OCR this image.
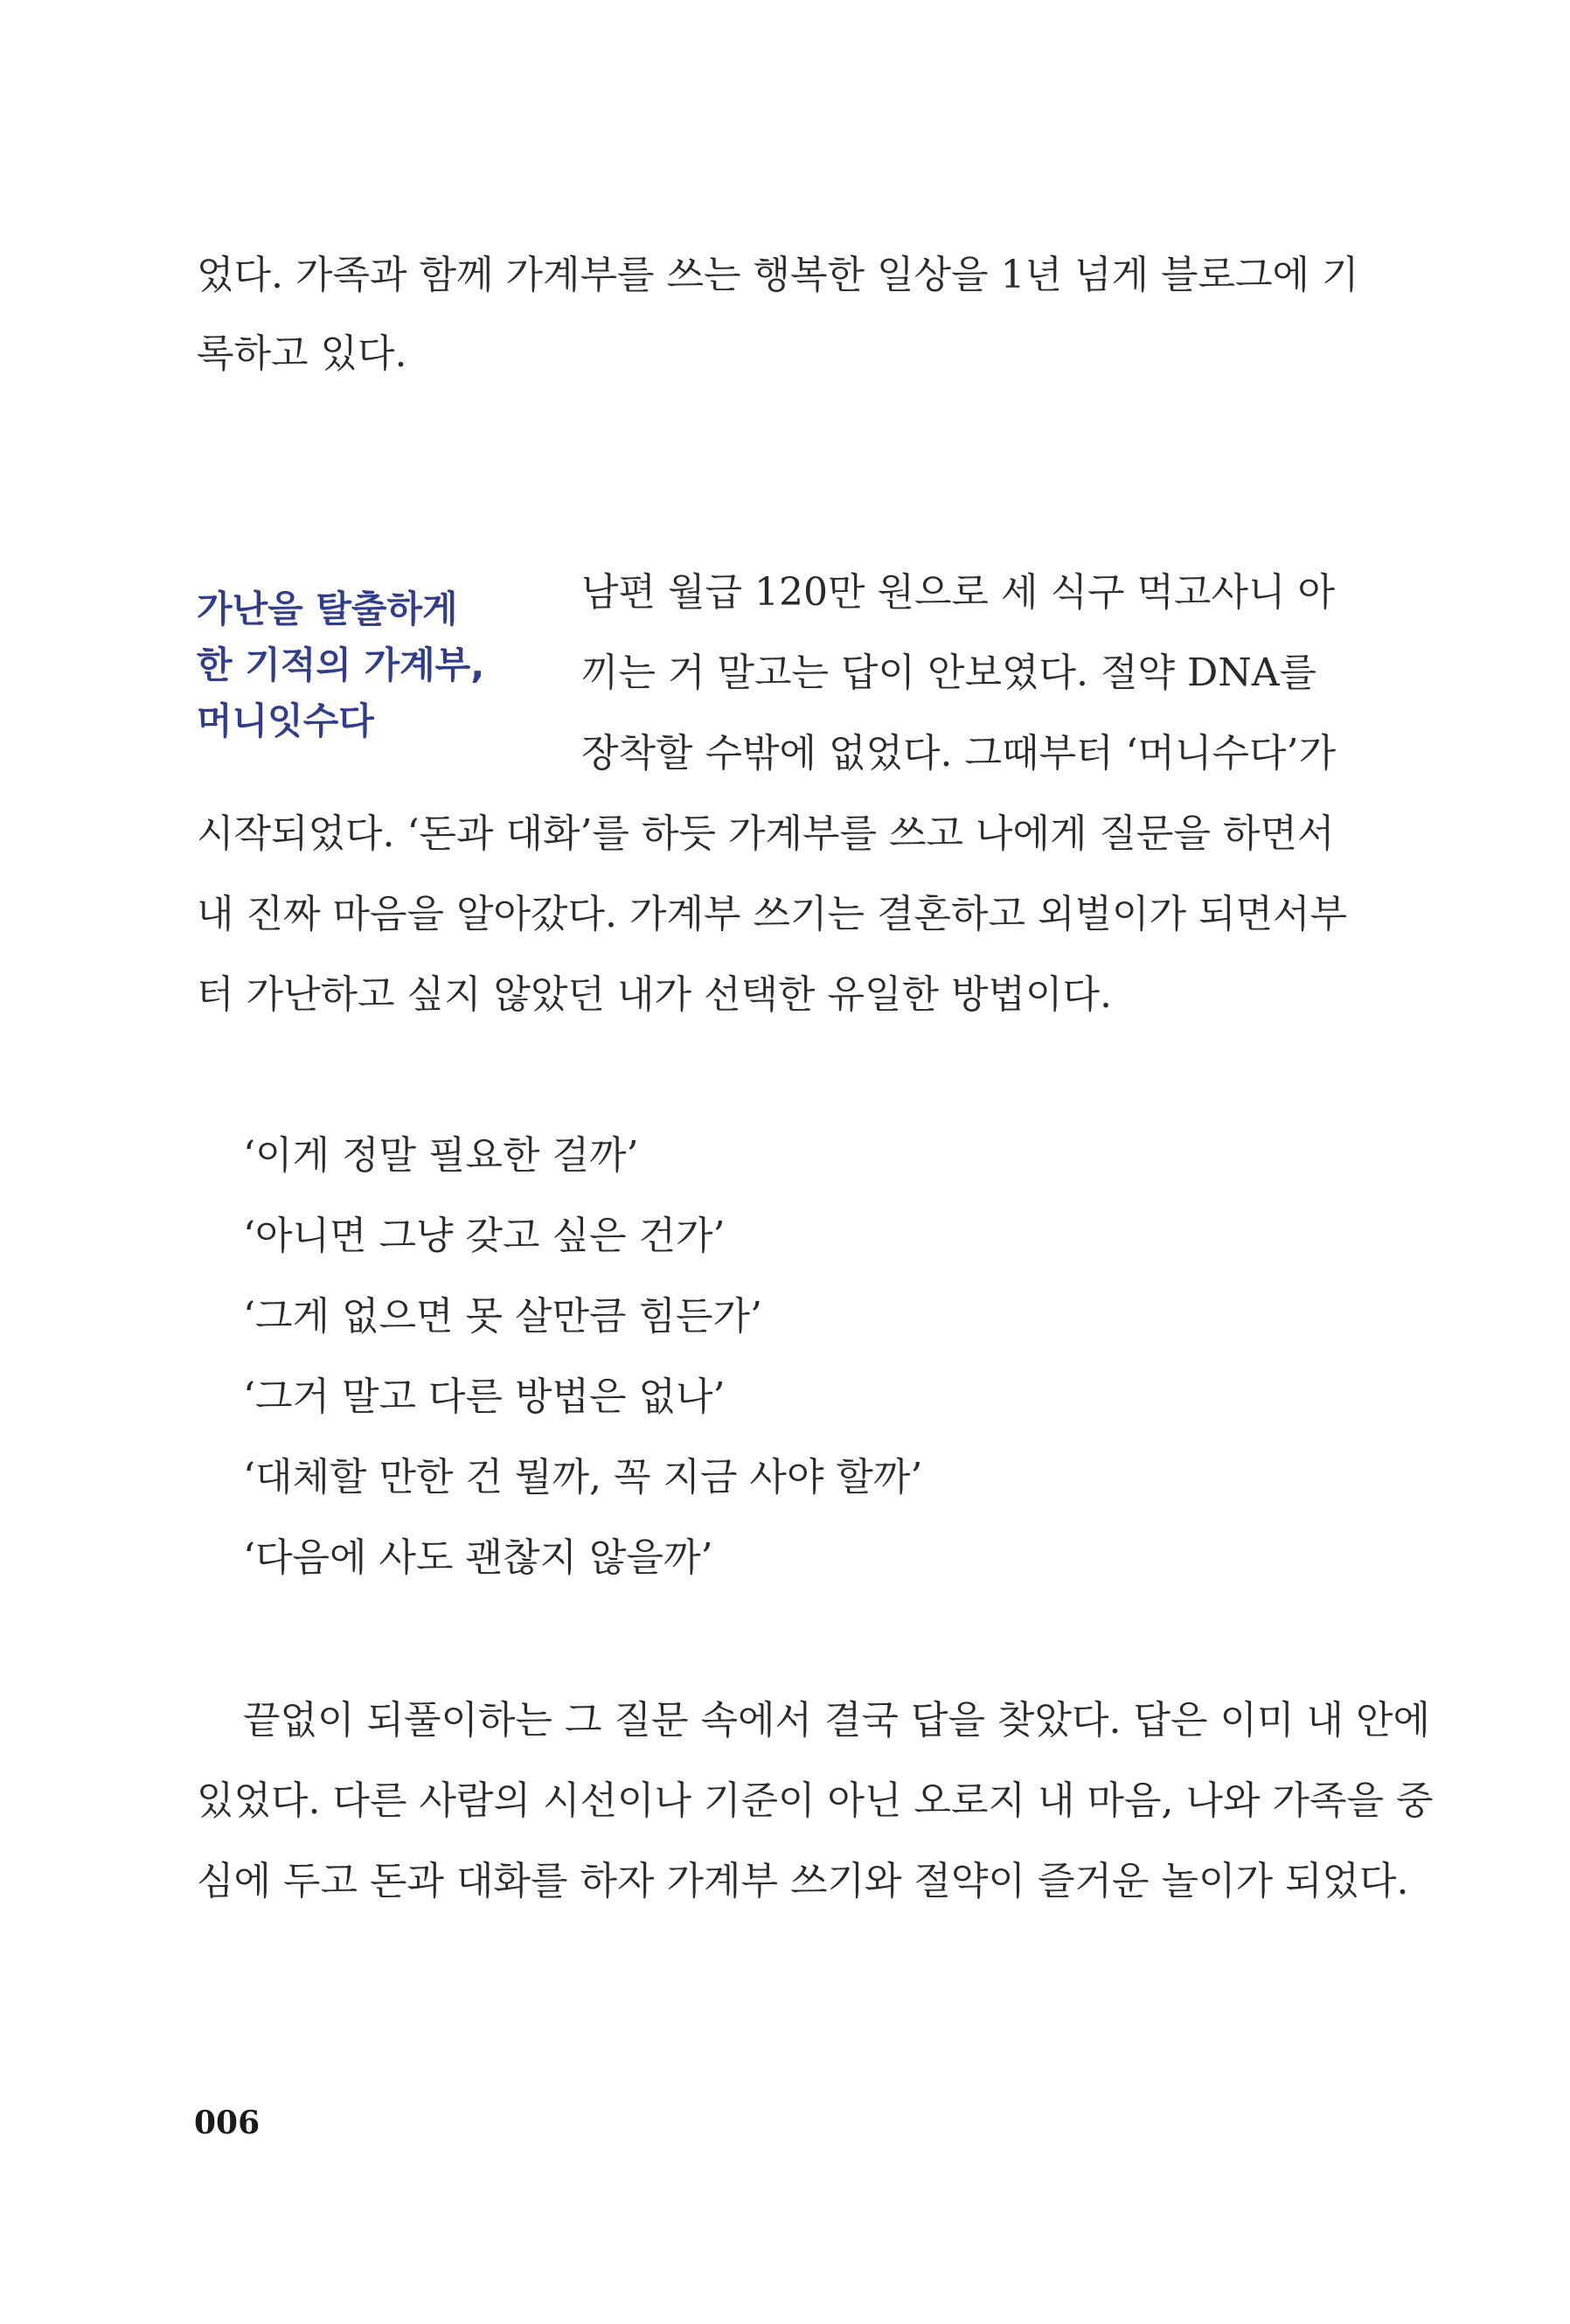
었다. 가족과 함께 가계부를 쓰는 행복한 일상을 1년 넘게 블로그에 기

록하고 있다.

가난을 탈출하게
한 기적의 가계부,
머니잇수다

남편 월급 120만 원으로 세 식구 먹고사니 아

끼는 거 말고는 답이 안보였다. 절약 DNA를

장착할 수밖에 없었다. 그때부터 ‘머니수다’가

시작되었다. ‘돈과 대화’를 하듯 가계부를 쓰고 나에게 질문을 하면서

내 진짜 마음을 알아갔다. 가계부 쓰기는 결혼하고 외벌이가 되면서부

터 가난하고 싶지 않았던 내가 선택한 유일한 방법이다.

‘이게 정말 필요한 걸까’

‘아니면 그냥 갖고 싶은 건가’

‘그게 없으면 못 살만큼 힘든가’

‘그거 말고 다른 방법은 없나’

‘대체할 만한 건 뭘까, 꼭 지금 사야 할까’

‘다음에 사도 괜찮지 않을까’

끝없이 되풀이하는 그 질문 속에서 결국 답을 찾았다. 답은 이미 내 안에

있었다. 다른 사람의 시선이나 기준이 아닌 오로지 내 마음, 나와 가족을 중

심에 두고 돈과 대화를 하자 가계부 쓰기와 절약이 즐거운 놀이가 되었다.

006
